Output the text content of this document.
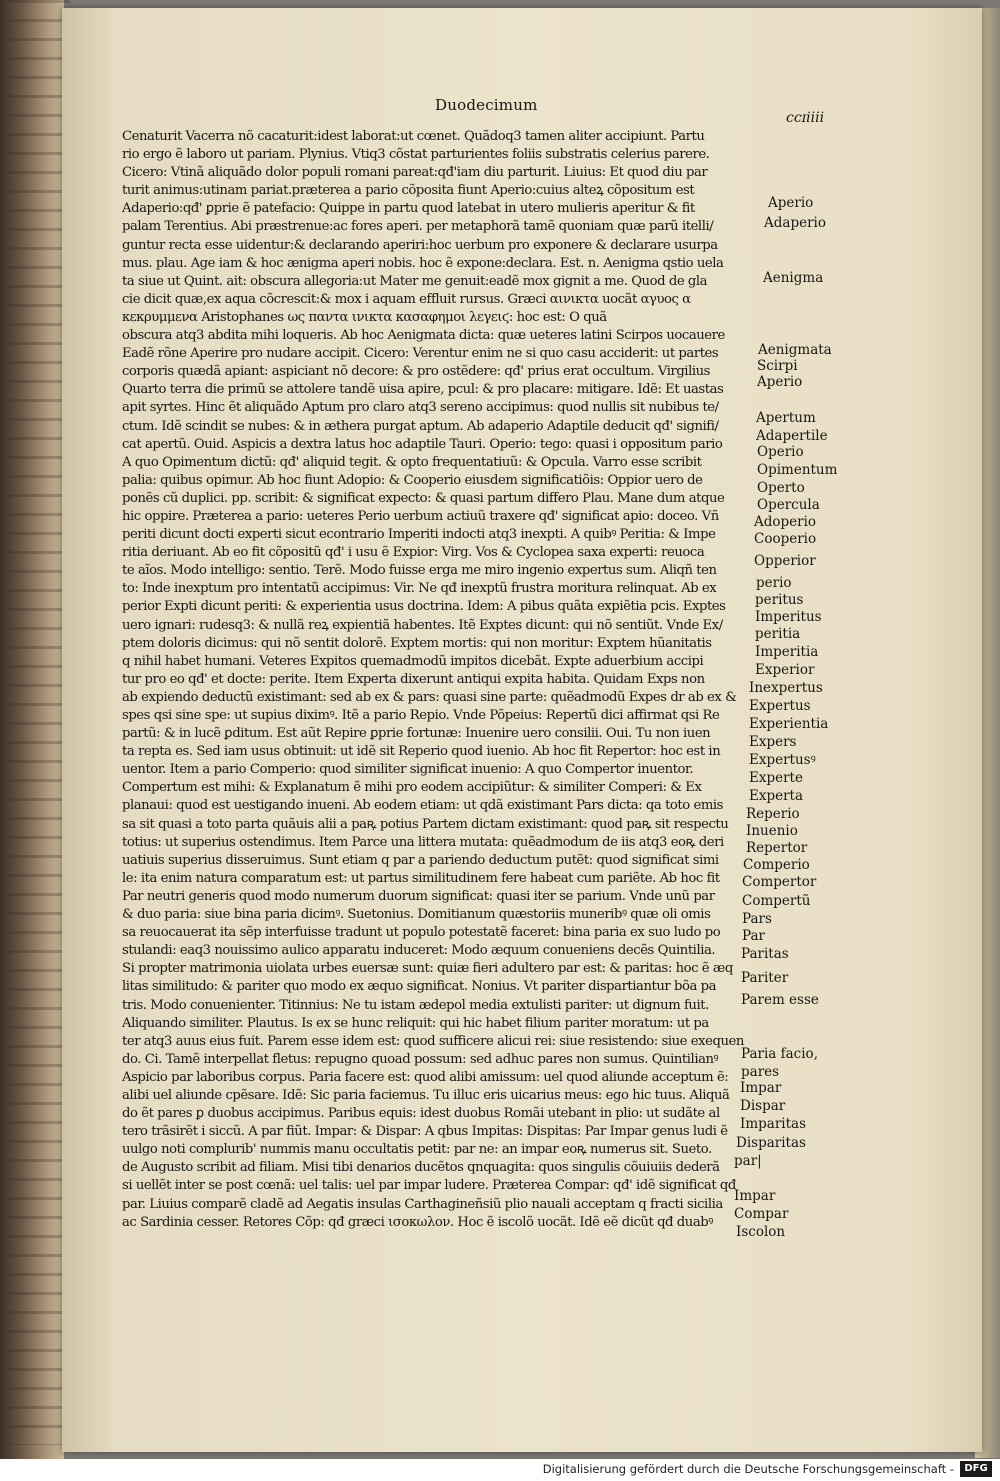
Duodecimum
ccɪiiii
Cenaturit Vacerra nõ cacaturit:idest laborat:ut cœnet. Quãdoq3 tamen aliter accipiunt. Partu
rio ergo ẽ laboro ut pariam. Plynius. Vtiq3 cõstat parturientes foliis substratis celerius parere.
Cicero: Vtinã aliquãdo dolor populi romani pareat:qđ'iam diu parturit. Liuius: Et quod diu par
turit animus:utinam pariat.præterea a pario cõposita fiunt Aperio:cuius alteꝝ cõpositum est
Adaperio:qđ' ꝑprie ẽ patefacio: Quippe in partu quod latebat in utero mulieris aperitur & fit
palam Terentius. Abi præstrenue:ac fores aperi. per metaphorã tamẽ quoniam quæ parũ itelli/
guntur recta esse uidentur:& declarando aperiri:hoc uerbum pro exponere & declarare usurpa
mus. plau. Age iam & hoc ænigma aperi nobis. hoc ẽ expone:declara. Est. n. Aenigma qstio uela
ta siue ut Quint. ait: obscura allegoria:ut Mater me genuit:eadẽ mox gignit a me. Quod de gla
cie dicit quæ,ex aqua cõcrescit:& mox i aquam effluit rursus. Græci αινικτα uocãt αγυος α
κεκρυμμενα Aristophanes ως παντα ινικτα κασαφημοι λεγειϛ: hoc est: O quã
obscura atq3 abdita mihi loqueris. Ab hoc Aenigmata dicta: quæ ueteres latini Scirpos uocauere
Eadẽ rõne Aperire pro nudare accipit. Cicero: Verentur enim ne si quo casu acciderit: ut partes
corporis quædã apiant: aspiciant nõ decore: & pro ostẽdere: qđ' prius erat occultum. Virgilius
Quarto terra die primũ se attolere tandẽ uisa apire, pcul: & pro placare: mitigare. Idẽ: Et uastas
apit syrtes. Hinc ẽt aliquãdo Aptum pro claro atq3 sereno accipimus: quod nullis sit nubibus te/
ctum. Idẽ scindit se nubes: & in æthera purgat aptum. Ab adaperio Adaptile deducit qđ' signifi/
cat apertũ. Ouid. Aspicis a dextra latus hoc adaptile Tauri. Operio: tego: quasi i oppositum pario
A quo Opimentum dictũ: qđ' aliquid tegit. & opto frequentatiuũ: & Opcula. Varro esse scribit
palia: quibus opimur. Ab hoc fiunt Adopio: & Cooperio eiusdem significatiõis: Oppior uero de
ponẽs cũ duplici. pp. scribit: & significat expecto: & quasi partum differo Plau. Mane dum atque
hic oppire. Præterea a pario: ueteres Perio uerbum actiuũ traxere qđ' significat apio: doceo. Vñ
periti dicunt docti experti sicut econtrario Imperiti indocti atq3 inexpti. A quibꝰ Peritia: & Impe
ritia deriuant. Ab eo fit cõpositũ qđ' i usu ẽ Expior: Virg. Vos & Cyclopea saxa experti: reuoca
te aĩos. Modo intelligo: sentio. Terẽ. Modo fuisse erga me miro ingenio expertus sum. Aliqñ ten
to: Inde inexptum pro intentatũ accipimus: Vir. Ne qđ inexptũ frustra moritura relinquat. Ab ex
perior Expti dicunt periti: & experientia usus doctrina. Idem: A pibus quãta expiẽtia pcis. Exptes
uero ignari: rudesq3: & nullã reꝝ expientiã habentes. Itẽ Exptes dicunt: qui nõ sentiũt. Vnde Ex/
ptem doloris dicimus: qui nõ sentit dolorẽ. Exptem mortis: qui non moritur: Exptem hũanitatis
q nihil habet humani. Veteres Expitos quemadmodũ impitos dicebãt. Expte aduerbium accipi
tur pro eo qđ' et docte: perite. Item Experta dixerunt antiqui expita habita. Quidam Exps non
ab expiendo deductũ existimant: sed ab ex & pars: quasi sine parte: quẽadmodũ Expes dr ab ex &
spes qsi sine spe: ut supius diximꝰ. Itẽ a pario Repio. Vnde Põpeius: Repertũ dici affirmat qsi Re
partũ: & in lucẽ ꝑditum. Est aũt Repire ꝑprie fortunæ: Inuenire uero consilii. Oui. Tu non iuen
ta repta es. Sed iam usus obtinuit: ut idẽ sit Reperio quod iuenio. Ab hoc fit Repertor: hoc est in
uentor. Item a pario Comperio: quod similiter significat inuenio: A quo Compertor inuentor.
Compertum est mihi: & Explanatum ẽ mihi pro eodem accipiũtur: & similiter Comperi: & Ex
planaui: quod est uestigando inueni. Ab eodem etiam: ut qdã existimant Pars dicta: qa toto emis
sa sit quasi a toto parta quãuis alii a paꝶ potius Partem dictam existimant: quod paꝶ sit respectu
totius: ut superius ostendimus. Item Parce una littera mutata: quẽadmodum de iis atq3 eoꝶ deri
uatiuis superius disseruimus. Sunt etiam q par a pariendo deductum putẽt: quod significat simi
le: ita enim natura comparatum est: ut partus similitudinem fere habeat cum pariẽte. Ab hoc fit
Par neutri generis quod modo numerum duorum significat: quasi iter se parium. Vnde unũ par
& duo paria: siue bina paria dicimꝰ. Suetonius. Domitianum quæstoriis muneribꝰ quæ oli omis
sa reuocauerat ita sẽp interfuisse tradunt ut populo potestatẽ faceret: bina paria ex suo ludo po
stulandi: eaq3 nouissimo aulico apparatu induceret: Modo æquum conueniens decẽs Quintilia.
Si propter matrimonia uiolata urbes euersæ sunt: quiæ fieri adultero par est: & paritas: hoc ẽ æq
litas similitudo: & pariter quo modo ex æquo significat. Nonius. Vt pariter dispartiantur bõa pa
tris. Modo conuenienter. Titinnius: Ne tu istam ædepol media extulisti pariter: ut dignum fuit.
Aliquando similiter. Plautus. Is ex se hunc reliquit: qui hic habet filium pariter moratum: ut pa
ter atq3 auus eius fuit. Parem esse idem est: quod sufficere alicui rei: siue resistendo: siue exequen
do. Ci. Tamẽ interpellat fletus: repugno quoad possum: sed adhuc pares non sumus. Quintilianꝰ
Aspicio par laboribus corpus. Paria facere est: quod alibi amissum: uel quod aliunde acceptum ẽ:
alibi uel aliunde cpẽsare. Idẽ: Sic paria faciemus. Tu illuc eris uicarius meus: ego hic tuus. Aliquã
do ẽt pares ꝑ duobus accipimus. Paribus equis: idest duobus Romãi utebant in plio: ut sudãte al
tero trãsirẽt i siccũ. A par fiũt. Impar: & Dispar: A qbus Impitas: Dispitas: Par Impar genus ludi ẽ
uulgo noti complurib' nummis manu occultatis petit: par ne: an impar eoꝶ numerus sit. Sueto.
de Augusto scribit ad filiam. Misi tibi denarios ducẽtos qnquagita: quos singulis cõuiuiis dederã
si uellẽt inter se post cœnã: uel talis: uel par impar ludere. Præterea Compar: qđ' idẽ significat qđ
par. Liuius comparẽ cladẽ ad Aegatis insulas Carthagineñsiũ plio nauali acceptam q fracti sicilia
ac Sardinia cesser. Retores Cõp: qđ græci ισοκωλον. Hoc ẽ iscolõ uocãt. Idẽ eẽ dicũt qđ duabꝰ
Aperio
Adaperio
Aenigma
Aenigmata
Scirpi
Aperio
Apertum
Adapertile
Operio
Opimentum
Operto
Opercula
Adoperio
Cooperio
Opperior
perio
peritus
Imperitus
peritia
Imperitia
Experior
Inexpertus
Expertus
Experientia
Expers
Expertusꝰ
Experte
Experta
Reperio
Inuenio
Repertor
Comperio
Compertor
Compertũ
Pars
Par
Paritas
Pariter
Parem esse
Paria facio,
pares
Impar
Dispar
Imparitas
Disparitas
par|
Impar
Compar
Iscolon
Digitalisierung gefördert durch die Deutsche Forschungsgemeinschaft -	DFG
